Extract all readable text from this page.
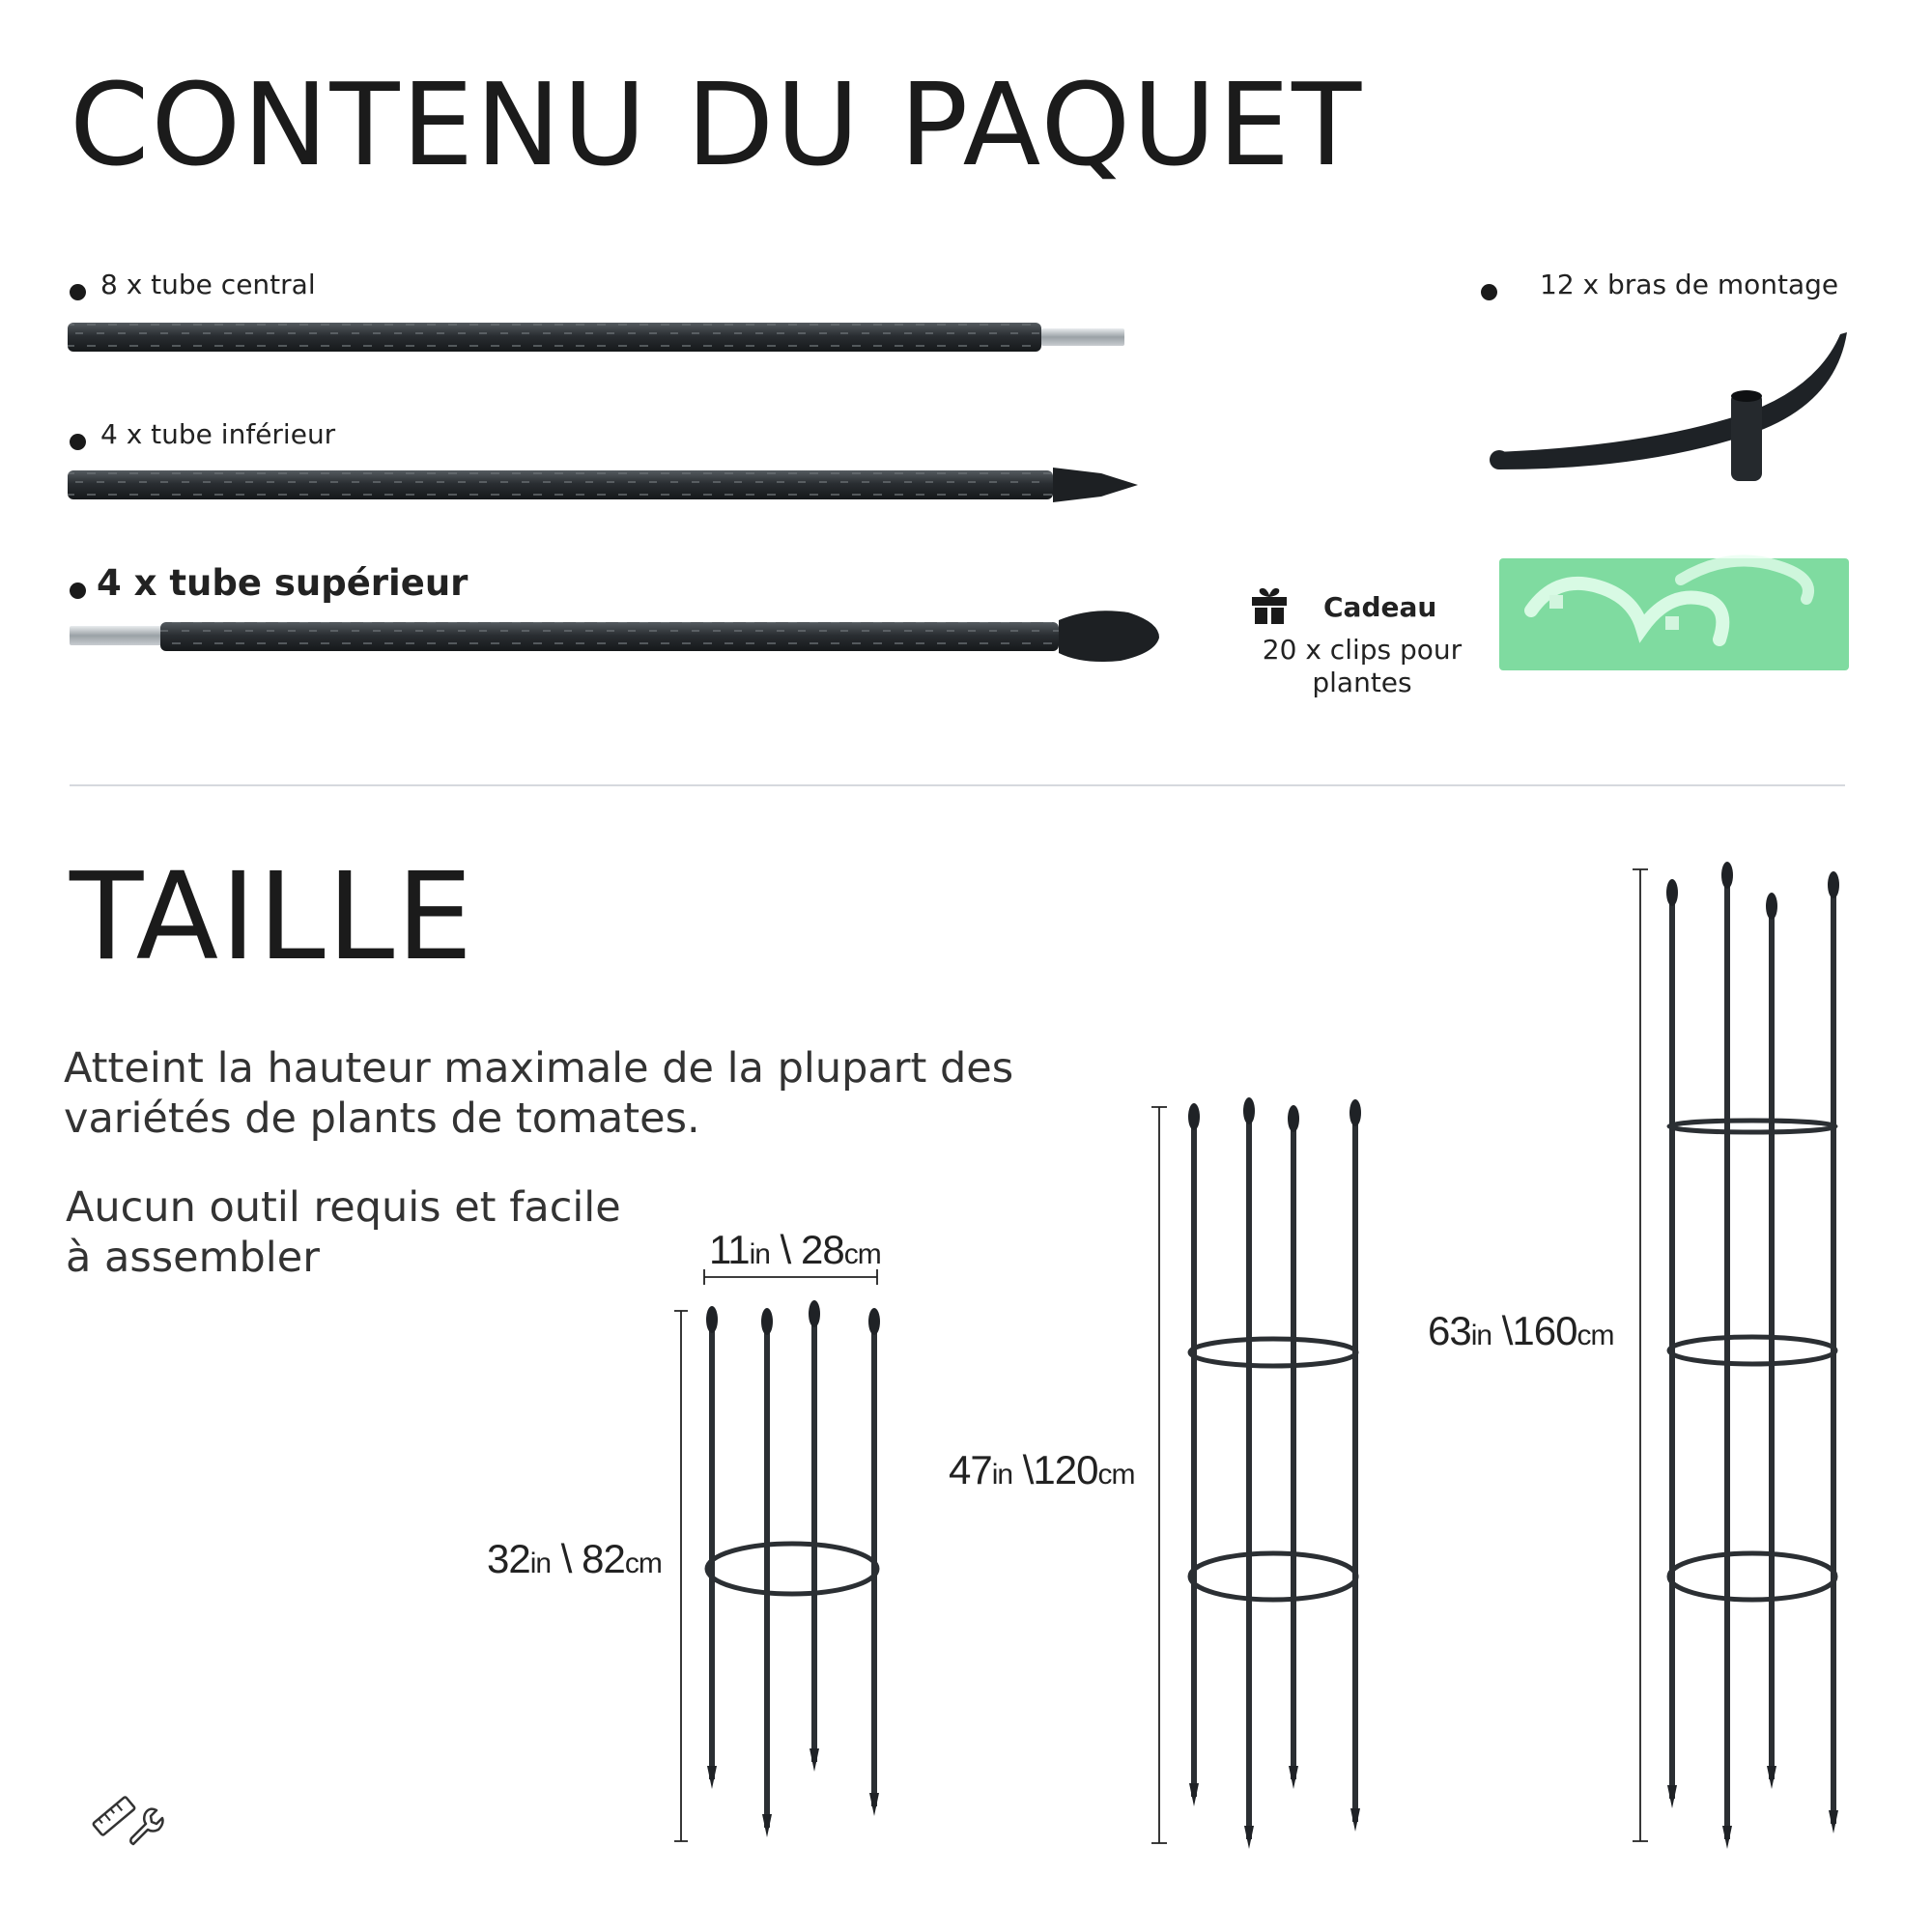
CONTENU DU PAQUET
8 x tube central
4 x tube inférieur
4 x tube supérieur
12 x bras de montage
Cadeau
20 x clips pour
plantes
TAILLE
Atteint la hauteur maximale de la plupart des variétés de plants de tomates.
Aucun outil requis et facile à assembler	11in \ 28cm
32in \ 82cm
47in \120cm
63in \160cm
